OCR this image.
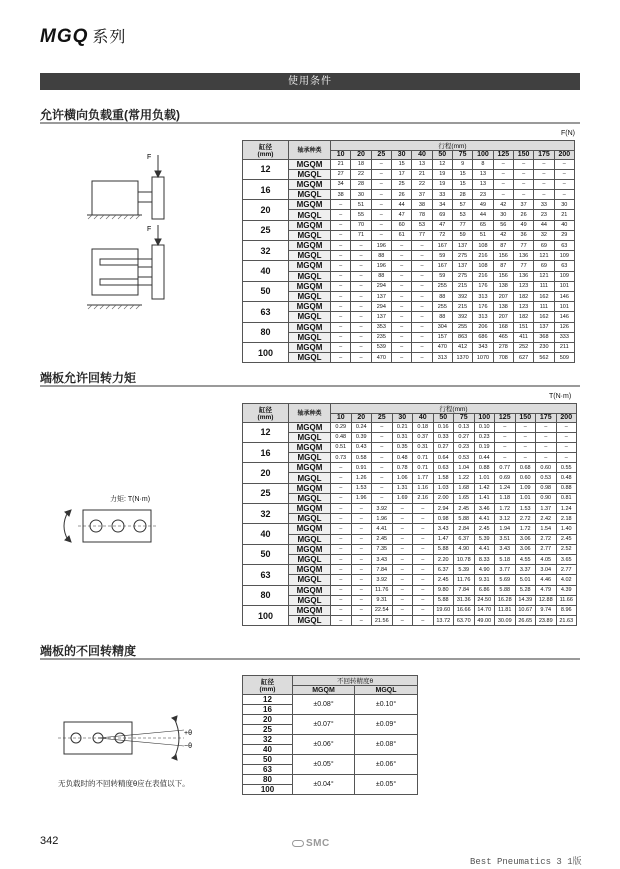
MGQ 系列
使用条件
允许横向负载重(常用负载)
F(N)
F
F
缸径
(mm)	轴承种类	行程(mm)											
		10	20	25	30	40	50	75	100	125	150	175	200
12	MGQM	21	18	–	15	13	12	9	8	–	–	–	–
	MGQL	27	22	–	17	21	19	15	13	–	–	–	–
16	MGQM	34	28	–	25	22	19	15	13	–	–	–	–
	MGQL	38	30	–	26	37	33	28	23	–	–	–	–
20	MGQM	–	51	–	44	38	34	57	49	42	37	33	30
	MGQL	–	55	–	47	78	69	53	44	30	26	23	21
25	MGQM	–	70	–	60	53	47	77	65	56	49	44	40
	MGQL	–	71	–	61	77	72	59	51	42	36	32	29
32	MGQM	–	–	196	–	–	167	137	108	87	77	69	63
	MGQL	–	–	88	–	–	59	275	216	156	136	121	109
40	MGQM	–	–	196	–	–	167	137	108	87	77	69	63
	MGQL	–	–	88	–	–	59	275	216	156	136	121	109
50	MGQM	–	–	294	–	–	255	215	176	138	123	111	101
	MGQL	–	–	137	–	–	88	392	313	207	182	162	146
63	MGQM	–	–	294	–	–	255	215	176	138	123	111	101
	MGQL	–	–	137	–	–	88	392	313	207	182	162	146
80	MGQM	–	–	353	–	–	304	255	206	168	151	137	126
	MGQL	–	–	235	–	–	157	863	686	465	411	368	333
100	MGQM	–	–	539	–	–	470	412	343	278	252	230	211
	MGQL	–	–	470	–	–	313	1370	1070	708	627	562	509
端板允许回转力矩
T(N·m)
力矩: T(N·m)
缸径
(mm)	轴承种类	行程(mm)											
		10	20	25	30	40	50	75	100	125	150	175	200
12	MGQM	0.29	0.24	–	0.21	0.18	0.16	0.13	0.10	–	–	–	–
	MGQL	0.48	0.39	–	0.31	0.37	0.33	0.27	0.23	–	–	–	–
16	MGQM	0.51	0.43	–	0.35	0.31	0.27	0.23	0.19	–	–	–	–
	MGQL	0.73	0.58	–	0.48	0.71	0.64	0.53	0.44	–	–	–	–
20	MGQM	–	0.91	–	0.78	0.71	0.63	1.04	0.88	0.77	0.68	0.60	0.55
	MGQL	–	1.26	–	1.06	1.77	1.58	1.22	1.01	0.69	0.60	0.53	0.48
25	MGQM	–	1.53	–	1.31	1.16	1.03	1.68	1.42	1.24	1.09	0.98	0.88
	MGQL	–	1.96	–	1.69	2.16	2.00	1.65	1.41	1.18	1.01	0.90	0.81
32	MGQM	–	–	3.92	–	–	2.94	2.45	3.46	1.72	1.53	1.37	1.24
	MGQL	–	–	1.96	–	–	0.98	5.88	4.41	3.12	2.72	2.42	2.18
40	MGQM	–	–	4.41	–	–	3.43	2.84	2.45	1.94	1.72	1.54	1.40
	MGQL	–	–	2.45	–	–	1.47	6.37	5.39	3.51	3.06	2.72	2.45
50	MGQM	–	–	7.35	–	–	5.88	4.90	4.41	3.43	3.06	2.77	2.52
	MGQL	–	–	3.43	–	–	2.20	10.78	8.33	5.18	4.55	4.05	3.65
63	MGQM	–	–	7.84	–	–	6.37	5.39	4.90	3.77	3.37	3.04	2.77
	MGQL	–	–	3.92	–	–	2.45	11.76	9.31	5.69	5.01	4.46	4.02
80	MGQM	–	–	11.76	–	–	9.80	7.84	6.86	5.88	5.28	4.79	4.39
	MGQL	–	–	9.31	–	–	5.88	31.36	24.50	16.28	14.39	12.88	11.66
100	MGQM	–	–	22.54	–	–	19.60	16.66	14.70	11.81	10.67	9.74	8.96
	MGQL	–	–	21.56	–	–	13.72	63.70	49.00	30.09	26.65	23.89	21.63
端板的不回转精度
+θ
−θ
无负载时的不回转精度θ应在表值以下。
缸径
(mm)	不回转精度θ	
	MGQM	MGQL
12	±0.08°	±0.10°
16		
20	±0.07°	±0.09°
25		
32	±0.06°	±0.08°
40		
50	±0.05°	±0.06°
63		
80	±0.04°	±0.05°
100		
342	SMC
Best Pneumatics 3 1版
